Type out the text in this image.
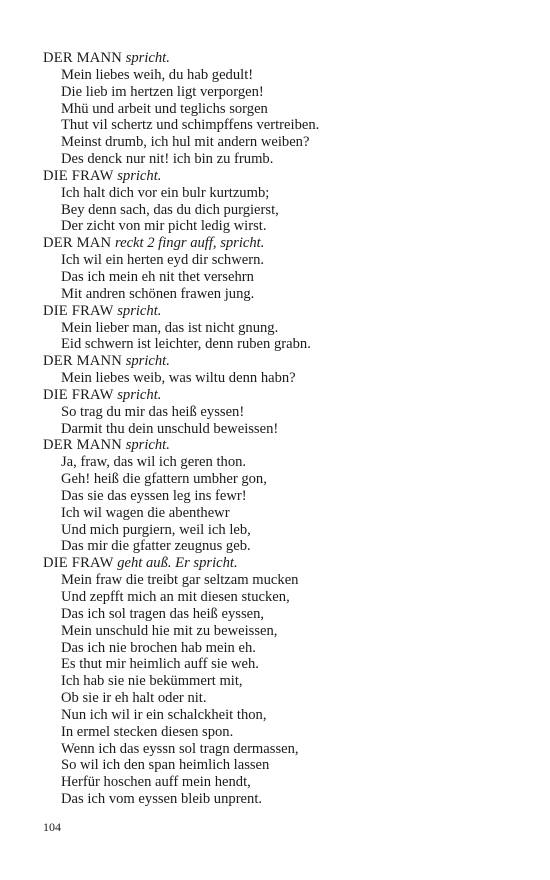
DER MANN spricht.
Mein liebes weih, du hab gedult!
Die lieb im hertzen ligt verporgen!
Mhü und arbeit und teglichs sorgen
Thut vil schertz und schimpffens vertreiben.
Meinst drumb, ich hul mit andern weiben?
Des denck nur nit! ich bin zu frumb.
DIE FRAW spricht.
Ich halt dich vor ein bulr kurtzumb;
Bey denn sach, das du dich purgierst,
Der zicht von mir picht ledig wirst.
DER MAN reckt 2 fingr auff, spricht.
Ich wil ein herten eyd dir schwern.
Das ich mein eh nit thet versehrn
Mit andren schönen frawen jung.
DIE FRAW spricht.
Mein lieber man, das ist nicht gnung.
Eid schwern ist leichter, denn ruben grabn.
DER MANN spricht.
Mein liebes weib, was wiltu denn habn?
DIE FRAW spricht.
So trag du mir das heiß eyssen!
Darmit thu dein unschuld beweissen!
DER MANN spricht.
Ja, fraw, das wil ich geren thon.
Geh! heiß die gfattern umbher gon,
Das sie das eyssen leg ins fewr!
Ich wil wagen die abenthewr
Und mich purgiern, weil ich leb,
Das mir die gfatter zeugnus geb.
DIE FRAW geht auß. Er spricht.
Mein fraw die treibt gar seltzam mucken
Und zepfft mich an mit diesen stucken,
Das ich sol tragen das heiß eyssen,
Mein unschuld hie mit zu beweissen,
Das ich nie brochen hab mein eh.
Es thut mir heimlich auff sie weh.
Ich hab sie nie bekümmert mit,
Ob sie ir eh halt oder nit.
Nun ich wil ir ein schalckheit thon,
In ermel stecken diesen spon.
Wenn ich das eyssn sol tragn dermassen,
So wil ich den span heimlich lassen
Herfür hoschen auff mein hendt,
Das ich vom eyssen bleib unprent.
104
